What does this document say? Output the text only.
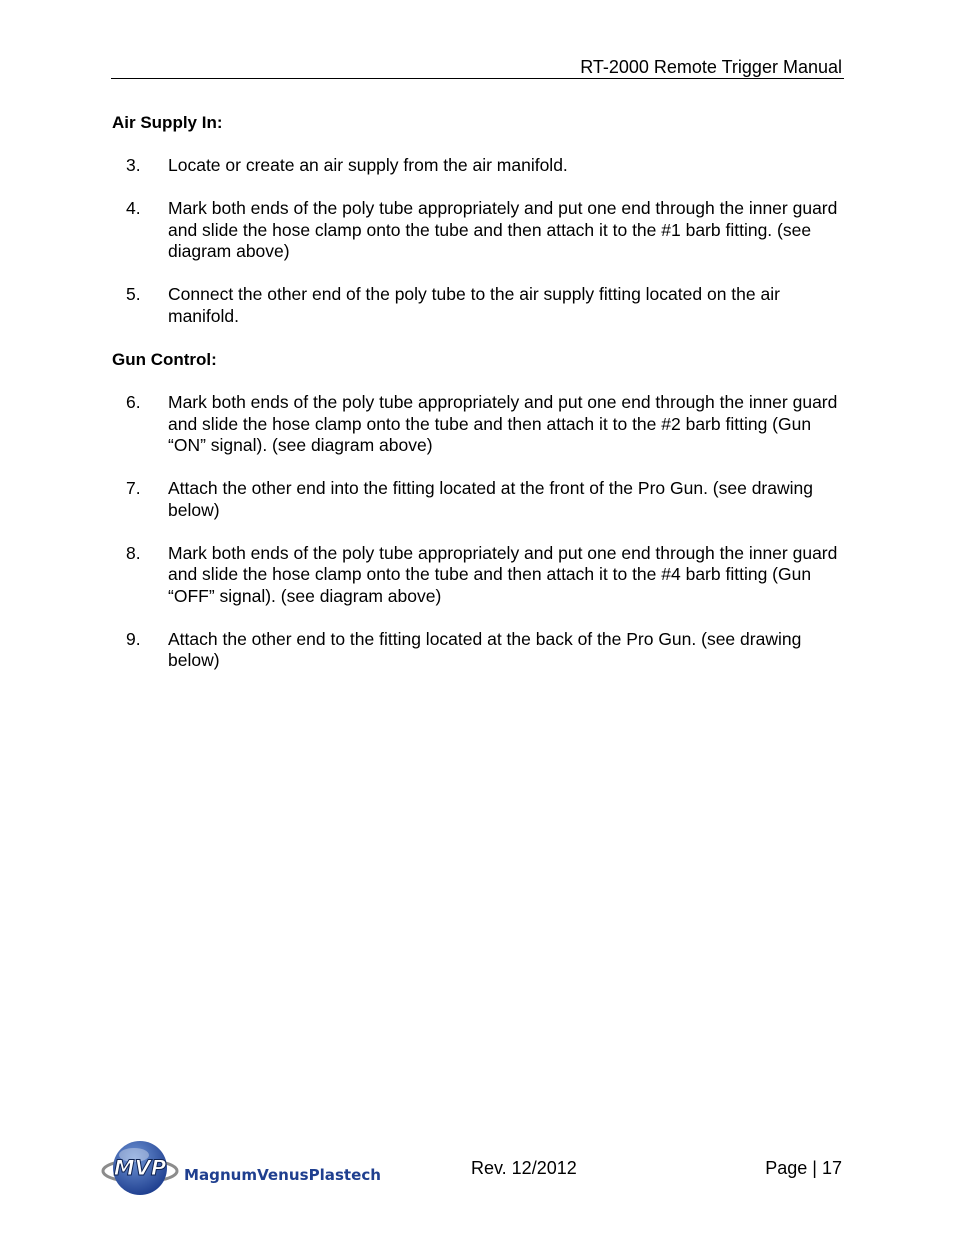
RT-2000 Remote Trigger Manual
Air Supply In:
3. Locate or create an air supply from the air manifold.
4. Mark both ends of the poly tube appropriately and put one end through the inner guard and slide the hose clamp onto the tube and then attach it to the #1 barb fitting. (see diagram above)
5. Connect the other end of the poly tube to the air supply fitting located on the air manifold.
Gun Control:
6. Mark both ends of the poly tube appropriately and put one end through the inner guard and slide the hose clamp onto the tube and then attach it to the #2 barb fitting (Gun “ON” signal). (see diagram above)
7. Attach the other end into the fitting located at the front of the Pro Gun. (see drawing below)
8. Mark both ends of the poly tube appropriately and put one end through the inner guard and slide the hose clamp onto the tube and then attach it to the #4 barb fitting (Gun “OFF” signal). (see diagram above)
9. Attach the other end to the fitting located at the back of the Pro Gun. (see drawing below)
MVP MagnumVenusPlastech	Rev. 12/2012	Page | 17
